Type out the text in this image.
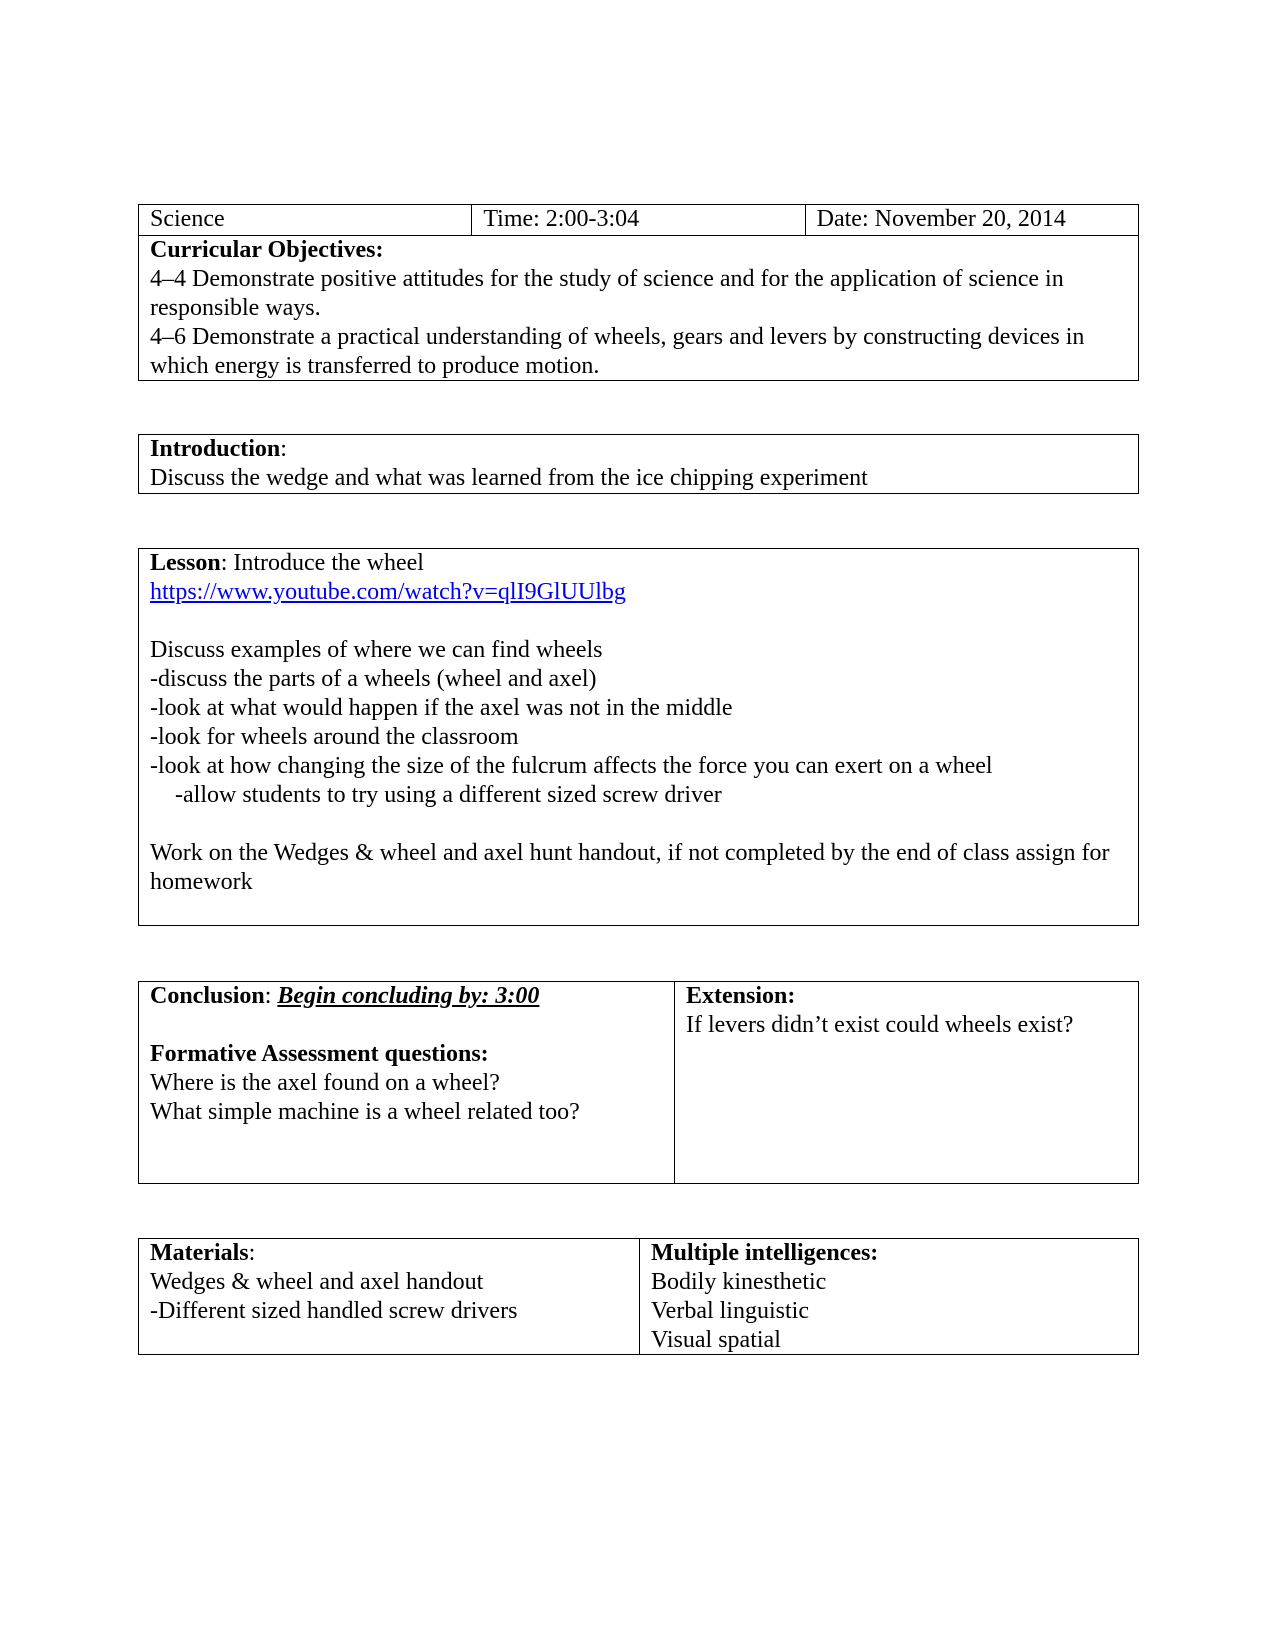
Science	Time: 2:00-3:04	Date: November 20, 2014
Curricular Objectives:
4–4 Demonstrate positive attitudes for the study of science and for the application of science in responsible ways.
4–6 Demonstrate a practical understanding of wheels, gears and levers by constructing devices in which energy is transferred to produce motion.
Introduction:
Discuss the wedge and what was learned from the ice chipping experiment
Lesson: Introduce the wheel
https://www.youtube.com/watch?v=qlI9GlUUlbg
Discuss examples of where we can find wheels
-discuss the parts of a wheels (wheel and axel)
-look at what would happen if the axel was not in the middle
-look for wheels around the classroom
-look at how changing the size of the fulcrum affects the force you can exert on a wheel
-allow students to try using a different sized screw driver
Work on the Wedges & wheel and axel hunt handout, if not completed by the end of class assign for homework
Conclusion: Begin concluding by: 3:00
Formative Assessment questions:
Where is the axel found on a wheel?
What simple machine is a wheel related too?
Extension:
If levers didn’t exist could wheels exist?
Materials:
Wedges & wheel and axel handout
-Different sized handled screw drivers
Multiple intelligences:
Bodily kinesthetic
Verbal linguistic
Visual spatial
